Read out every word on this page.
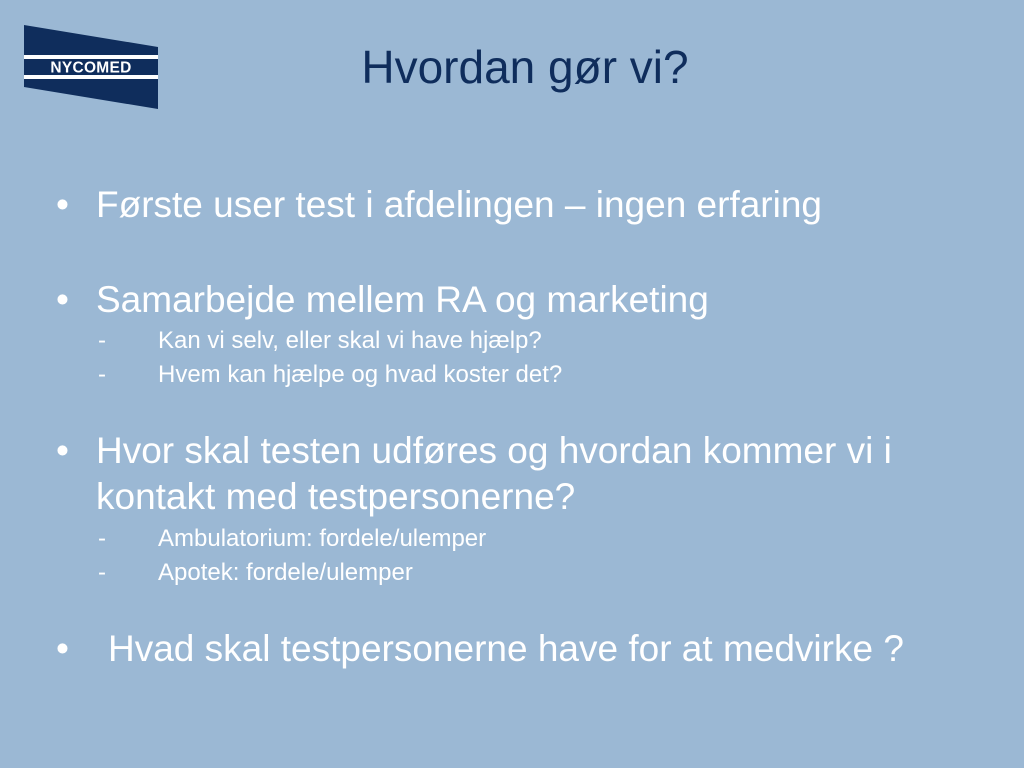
NYCOMED	Hvordan gør vi?
• Første user test i afdelingen – ingen erfaring
• Samarbejde mellem RA og marketing
- Kan vi selv, eller skal vi have hjælp?
- Hvem kan hjælpe og hvad koster det?
• Hvor skal testen udføres og hvordan kommer vi i kontakt med testpersonerne?
- Ambulatorium: fordele/ulemper
- Apotek: fordele/ulemper
•	Hvad skal testpersonerne have for at medvirke ?
